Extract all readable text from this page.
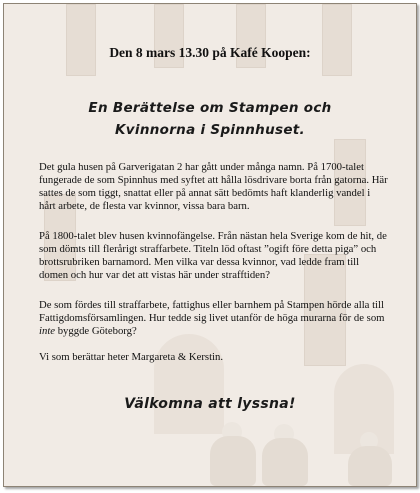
Den 8 mars 13.30 på Kafé Koopen:
En Berättelse om Stampen och
Kvinnorna i Spinnhuset.
Det gula husen på Garverigatan 2 har gått under många namn. På 1700-talet fungerade de som Spinnhus med syftet att hålla lösdrivare borta från gatorna. Här sattes de som tiggt, snattat eller på annat sätt bedömts haft klanderlig vandel i hårt arbete, de flesta var kvinnor, vissa bara barn.
På 1800-talet blev husen kvinnofängelse. Från nästan hela Sverige kom de hit, de som dömts till flerårigt straffarbete. Titeln löd oftast ”ogift före detta piga” och brottsrubriken barnamord. Men vilka var dessa kvinnor, vad ledde fram till domen och hur var det att vistas här under strafftiden?
De som fördes till straffarbete, fattighus eller barnhem på Stampen hörde alla till Fattigdomsförsamlingen. Hur tedde sig livet utanför de höga murarna för de som inte byggde Göteborg?
Vi som berättar heter Margareta & Kerstin.
Välkomna att lyssna!
